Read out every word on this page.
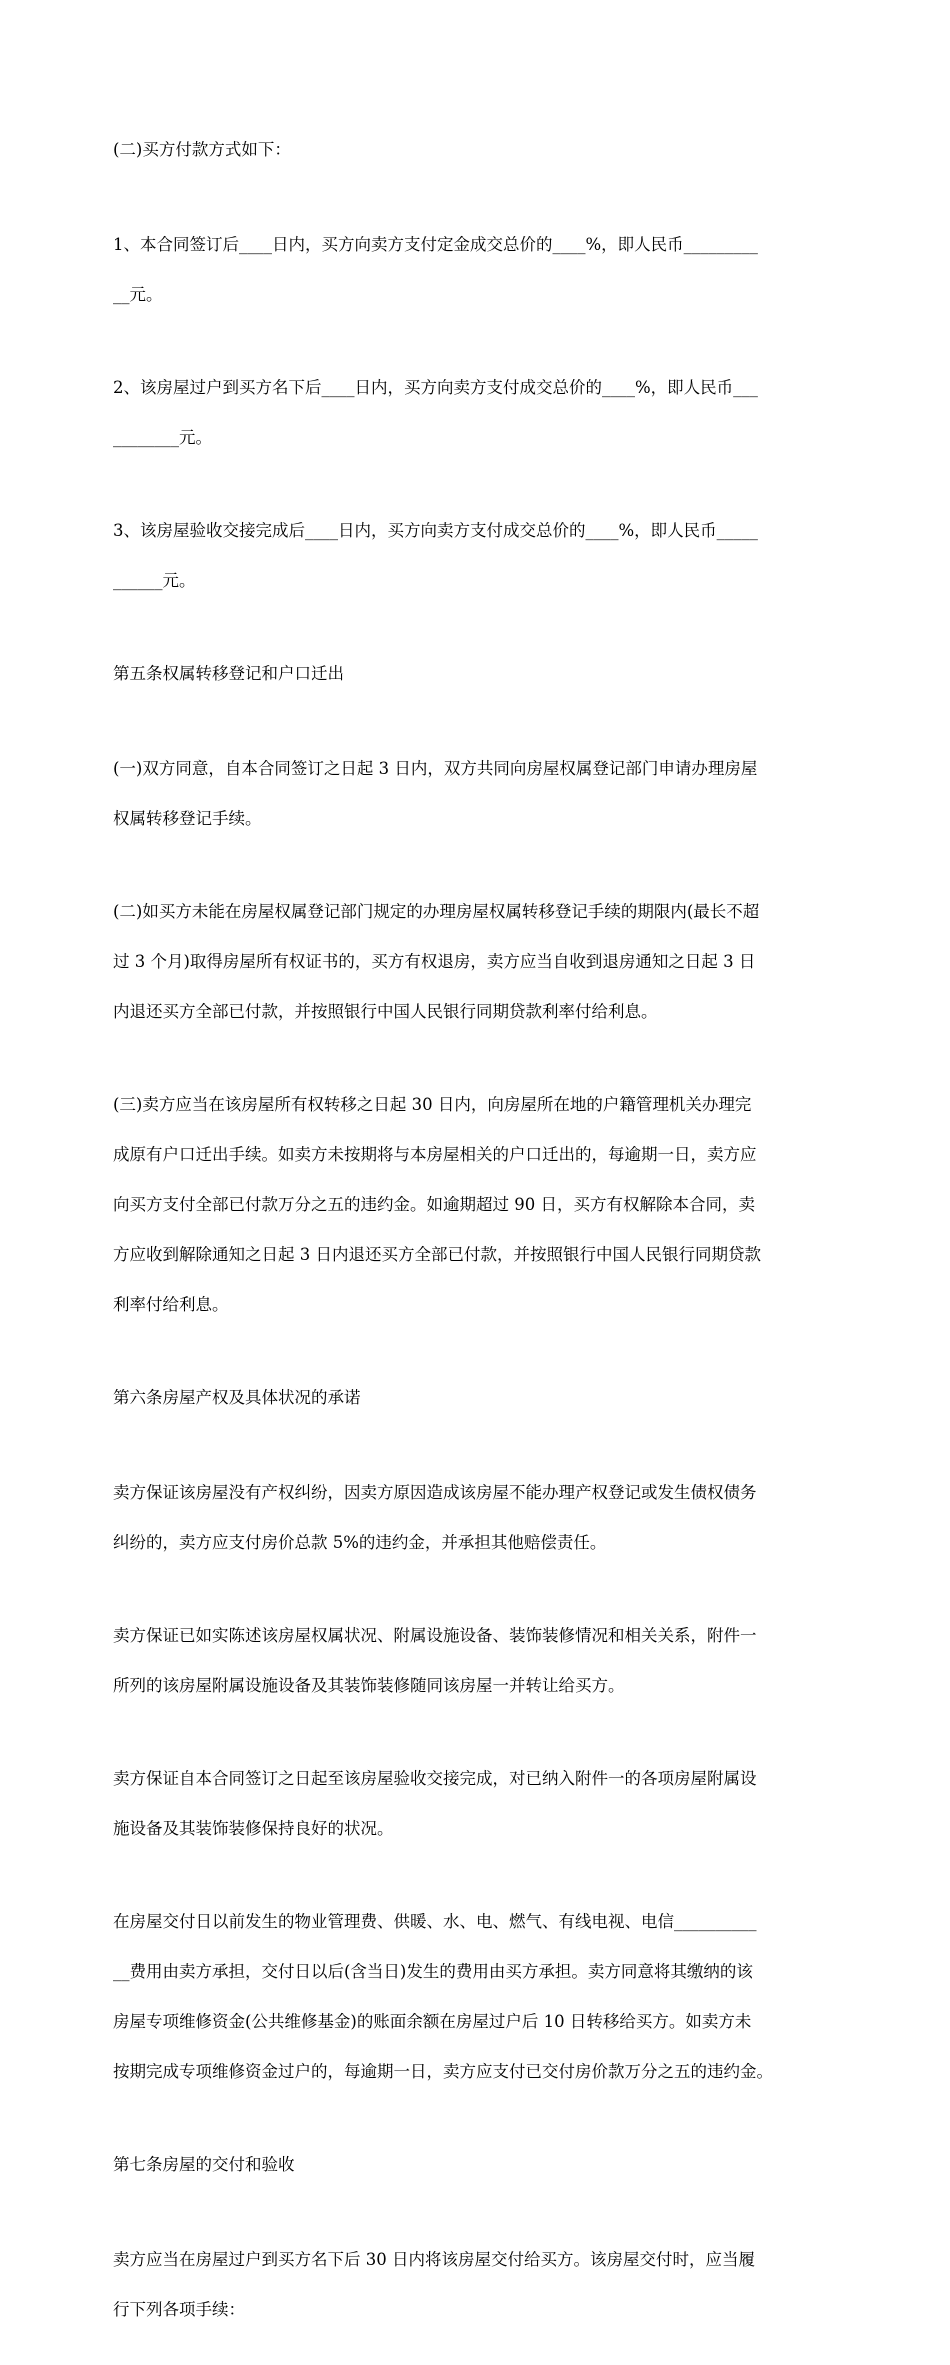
(二)买方付款方式如下：

1、本合同签订后____日内，买方向卖方支付定金成交总价的____%，即人民币_________

__元。

2、该房屋过户到买方名下后____日内，买方向卖方支付成交总价的____%，即人民币___

________元。

3、该房屋验收交接完成后____日内，买方向卖方支付成交总价的____%，即人民币_____

______元。

第五条权属转移登记和户口迁出

(一)双方同意，自本合同签订之日起 3 日内，双方共同向房屋权属登记部门申请办理房屋

权属转移登记手续。

(二)如买方未能在房屋权属登记部门规定的办理房屋权属转移登记手续的期限内(最长不超

过 3 个月)取得房屋所有权证书的，买方有权退房，卖方应当自收到退房通知之日起 3 日

内退还买方全部已付款，并按照银行中国人民银行同期贷款利率付给利息。

(三)卖方应当在该房屋所有权转移之日起 30 日内，向房屋所在地的户籍管理机关办理完

成原有户口迁出手续。如卖方未按期将与本房屋相关的户口迁出的，每逾期一日，卖方应

向买方支付全部已付款万分之五的违约金。如逾期超过 90 日，买方有权解除本合同，卖

方应收到解除通知之日起 3 日内退还买方全部已付款，并按照银行中国人民银行同期贷款

利率付给利息。

第六条房屋产权及具体状况的承诺

卖方保证该房屋没有产权纠纷，因卖方原因造成该房屋不能办理产权登记或发生债权债务

纠纷的，卖方应支付房价总款 5%的违约金，并承担其他赔偿责任。

卖方保证已如实陈述该房屋权属状况、附属设施设备、装饰装修情况和相关关系，附件一

所列的该房屋附属设施设备及其装饰装修随同该房屋一并转让给买方。

卖方保证自本合同签订之日起至该房屋验收交接完成，对已纳入附件一的各项房屋附属设

施设备及其装饰装修保持良好的状况。

在房屋交付日以前发生的物业管理费、供暖、水、电、燃气、有线电视、电信__________

__费用由卖方承担，交付日以后(含当日)发生的费用由买方承担。卖方同意将其缴纳的该

房屋专项维修资金(公共维修基金)的账面余额在房屋过户后 10 日转移给买方。如卖方未

按期完成专项维修资金过户的，每逾期一日，卖方应支付已交付房价款万分之五的违约金。

第七条房屋的交付和验收

卖方应当在房屋过户到买方名下后 30 日内将该房屋交付给买方。该房屋交付时，应当履

行下列各项手续：
